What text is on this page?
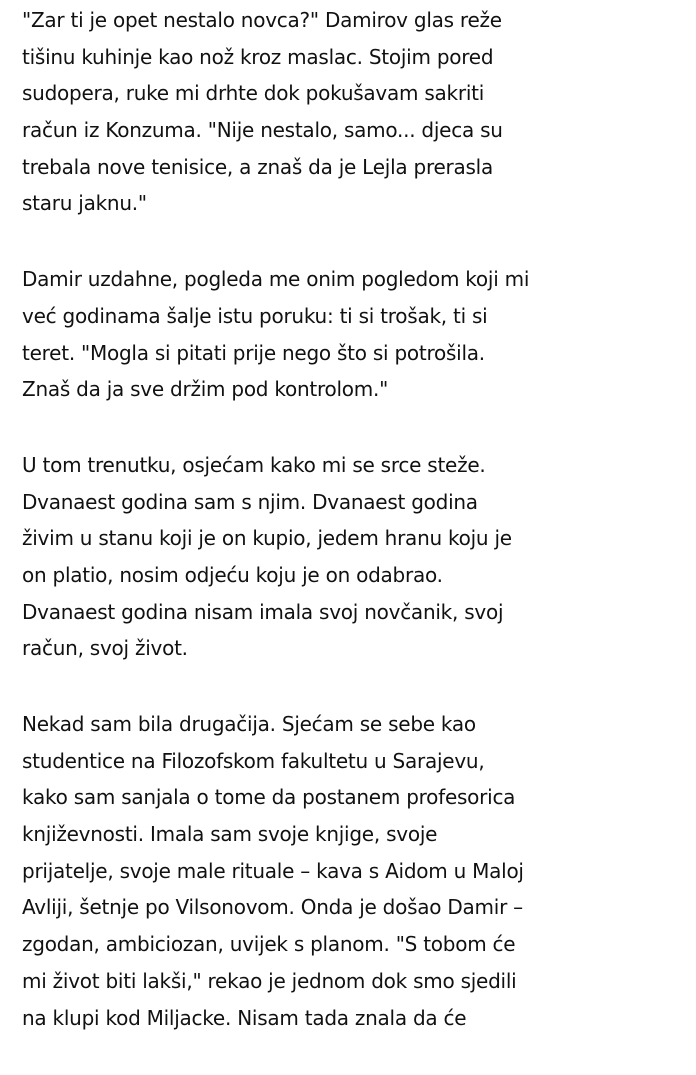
"Zar ti je opet nestalo novca?" Damirov glas reže
tišinu kuhinje kao nož kroz maslac. Stojim pored
sudopera, ruke mi drhte dok pokušavam sakriti
račun iz Konzuma. "Nije nestalo, samo... djeca su
trebala nove tenisice, a znaš da je Lejla prerasla
staru jaknu."
Damir uzdahne, pogleda me onim pogledom koji mi
već godinama šalje istu poruku: ti si trošak, ti si
teret. "Mogla si pitati prije nego što si potrošila.
Znaš da ja sve držim pod kontrolom."
U tom trenutku, osjećam kako mi se srce steže.
Dvanaest godina sam s njim. Dvanaest godina
živim u stanu koji je on kupio, jedem hranu koju je
on platio, nosim odjeću koju je on odabrao.
Dvanaest godina nisam imala svoj novčanik, svoj
račun, svoj život.
Nekad sam bila drugačija. Sjećam se sebe kao
studentice na Filozofskom fakultetu u Sarajevu,
kako sam sanjala o tome da postanem profesorica
književnosti. Imala sam svoje knjige, svoje
prijatelje, svoje male rituale – kava s Aidom u Maloj
Avliji, šetnje po Vilsonovom. Onda je došao Damir –
zgodan, ambiciozan, uvijek s planom. "S tobom će
mi život biti lakši," rekao je jednom dok smo sjedili
na klupi kod Miljacke. Nisam tada znala da će
